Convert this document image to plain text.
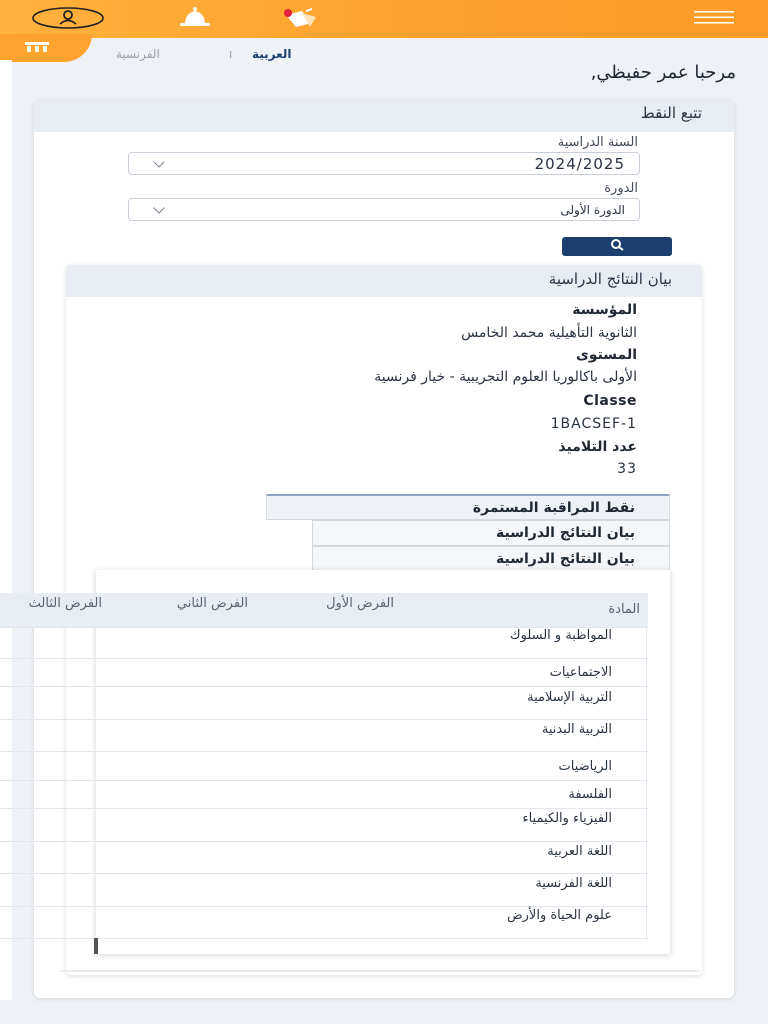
العربية
ı
الفرنسية
مرحبا عمر حفيظي,
تتبع النقط
السنة الدراسية
2024/2025
الدورة
الدورة الأولى
بيان النتائج الدراسية
المؤسسة
الثانوية التأهيلية محمد الخامس
المستوى
الأولى باكالوريا العلوم التجريبية - خيار فرنسية
Classe
1BACSEF-1
عدد التلاميذ
33
نقط المراقبة المستمرة
بيان النتائج الدراسية
بيان النتائج الدراسية
المادة
الفرض الأول
الفرض الثاني
الفرض الثالث
المواظبة و السلوك
الاجتماعيات
التربية الإسلامية
التربية البدنية
الرياضيات
الفلسفة
الفيزياء والكيمياء
اللغة العربية
اللغة الفرنسية
علوم الحياة والأرض
